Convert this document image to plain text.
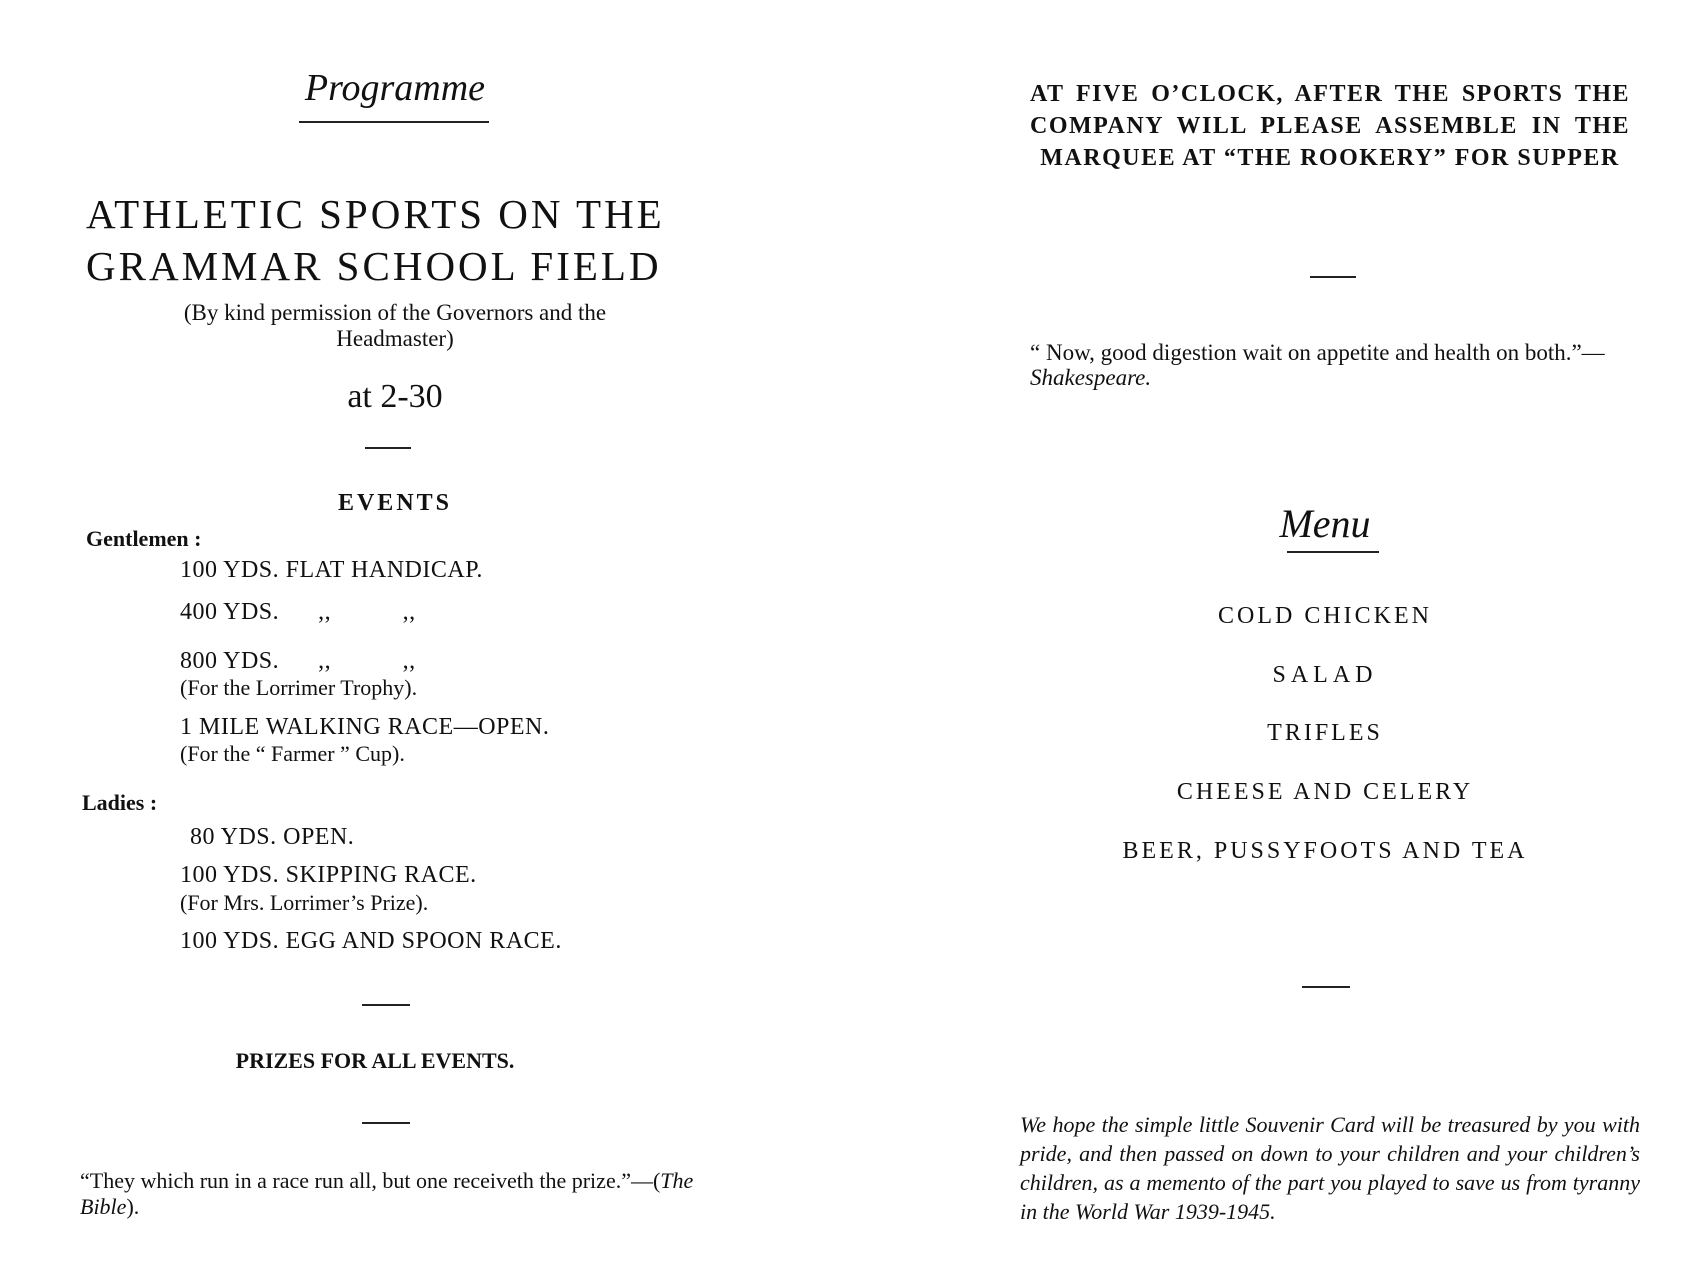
Programme
ATHLETIC SPORTS ON THE
GRAMMAR SCHOOL FIELD
(By kind permission of the Governors and the Headmaster)
at 2-30
EVENTS
Gentlemen :
100 YDS. FLAT HANDICAP.
400 YDS.      ,,           ,,
800 YDS.      ,,           ,,
(For the Lorrimer Trophy).
1 MILE WALKING RACE—OPEN.
(For the “ Farmer ” Cup).
Ladies :
80 YDS. OPEN.
100 YDS. SKIPPING RACE.
(For Mrs. Lorrimer’s Prize).
100 YDS. EGG AND SPOON RACE.
PRIZES FOR ALL EVENTS.
“They which run in a race run all, but one receiveth the prize.”—(The Bible).
AT FIVE O’CLOCK, AFTER THE SPORTS THE COMPANY WILL PLEASE ASSEMBLE IN THE MARQUEE AT “THE ROOKERY” FOR SUPPER
“ Now, good digestion wait on appetite and health on both.”—Shakespeare.
Menu
COLD CHICKEN
SALAD
TRIFLES
CHEESE AND CELERY
BEER, PUSSYFOOTS AND TEA
We hope the simple little Souvenir Card will be treasured by you with pride, and then passed on down to your children and your children’s children, as a memento of the part you played to save us from tyranny in the World War 1939-1945.
